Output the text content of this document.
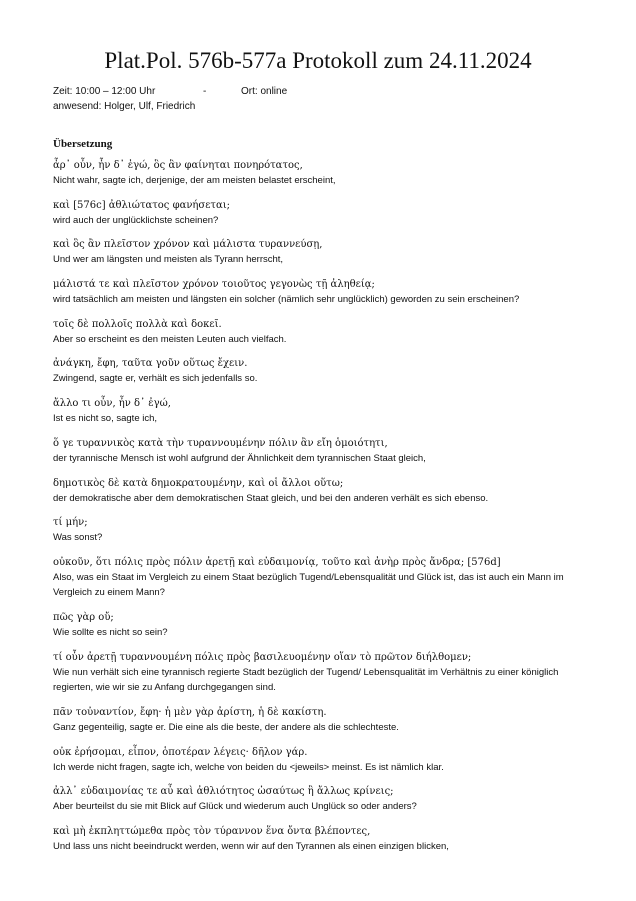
Plat.Pol. 576b-577a Protokoll zum 24.11.2024
Zeit: 10:00 – 12:00 Uhr	-	Ort: online
anwesend: Holger, Ulf, Friedrich
Übersetzung
ἆρ᾽ οὖν, ἦν δ᾽ ἐγώ, ὃς ἂν φαίνηται πονηρότατος,
Nicht wahr, sagte ich, derjenige, der am meisten belastet erscheint,
καὶ [576c] ἀθλιώτατος φανήσεται;
wird auch der unglücklichste scheinen?
καὶ ὃς ἂν πλεῖστον χρόνον καὶ μάλιστα τυραννεύσῃ,
Und wer am längsten und meisten als Tyrann herrscht,
μάλιστά τε καὶ πλεῖστον χρόνον τοιοῦτος γεγονὼς τῇ ἀληθείᾳ;
wird tatsächlich am meisten und längsten ein solcher (nämlich sehr unglücklich) geworden zu sein erscheinen?
τοῖς δὲ πολλοῖς πολλὰ καὶ δοκεῖ.
Aber so erscheint es den meisten Leuten auch vielfach.
ἀνάγκη, ἔφη, ταῦτα γοῦν οὕτως ἔχειν.
Zwingend, sagte er, verhält es sich jedenfalls so.
ἄλλο τι οὖν, ἦν δ᾽ ἐγώ,
Ist es nicht so, sagte ich,
ὅ γε τυραννικὸς κατὰ τὴν τυραννουμένην πόλιν ἂν εἴη ὁμοιότητι,
der tyrannische Mensch ist wohl aufgrund der Ähnlichkeit dem tyrannischen Staat gleich,
δημοτικὸς δὲ κατὰ δημοκρατουμένην, καὶ οἱ ἄλλοι οὕτω;
der demokratische aber dem demokratischen Staat gleich, und bei den anderen verhält es sich ebenso.
τί μήν;
Was sonst?
οὐκοῦν, ὅτι πόλις πρὸς πόλιν ἀρετῇ καὶ εὐδαιμονίᾳ, τοῦτο καὶ ἀνὴρ πρὸς ἄνδρα; [576d]
Also, was ein Staat im Vergleich zu einem Staat bezüglich Tugend/Lebensqualität und Glück ist, das ist auch ein Mann im Vergleich zu einem Mann?
πῶς γὰρ οὔ;
Wie sollte es nicht so sein?
τί οὖν ἀρετῇ τυραννουμένη πόλις πρὸς βασιλευομένην οἵαν τὸ πρῶτον διήλθομεν;
Wie nun verhält sich eine tyrannisch regierte Stadt bezüglich der Tugend/ Lebensqualität im Verhältnis zu einer königlich regierten, wie wir sie zu Anfang durchgegangen sind.
πᾶν τοὐναντίον, ἔφη· ἡ μὲν γὰρ ἀρίστη, ἡ δὲ κακίστη.
Ganz gegenteilig, sagte er. Die eine als die beste, der andere als die schlechteste.
οὐκ ἐρήσομαι, εἶπον, ὁποτέραν λέγεις· δῆλον γάρ.
Ich werde nicht fragen, sagte ich, welche von beiden du <jeweils> meinst. Es ist nämlich klar.
ἀλλ᾽ εὐδαιμονίας τε αὖ καὶ ἀθλιότητος ὡσαύτως ἢ ἄλλως κρίνεις;
Aber beurteilst du sie mit Blick auf Glück und wiederum auch Unglück so oder anders?
καὶ μὴ ἐκπληττώμεθα πρὸς τὸν τύραννον ἕνα ὄντα βλέποντες,
Und lass uns nicht beeindruckt werden, wenn wir auf den Tyrannen als einen einzigen blicken,
